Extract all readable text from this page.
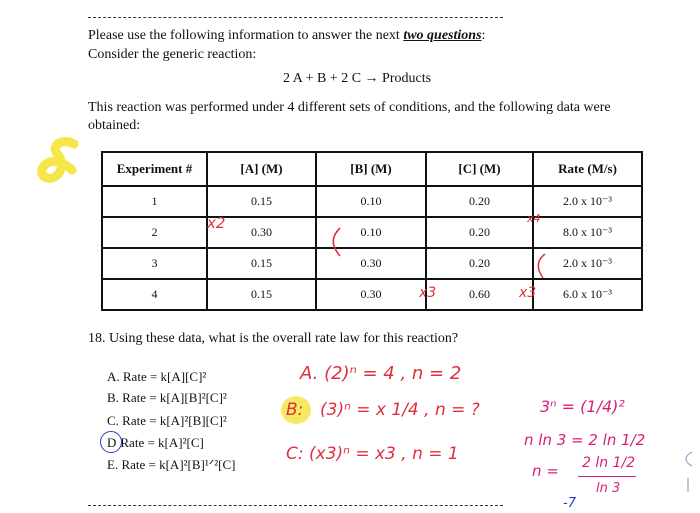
Please use the following information to answer the next two questions:
Consider the generic reaction:
2 A + B + 2 C → Products
This reaction was performed under 4 different sets of conditions, and the following data were
obtained:
Experiment #	[A] (M)	[B] (M)	[C] (M)	Rate (M/s)
1	0.15	0.10	0.20	2.0 x 10⁻³
2	0.30	0.10	0.20	8.0 x 10⁻³
3	0.15	0.30	0.20	2.0 x 10⁻³
4	0.15	0.30	0.60	6.0 x 10⁻³
x2	x4
x3	x3
18. Using these data, what is the overall rate law for this reaction?
A. Rate = k[A][C]²
B. Rate = k[A][B]²[C]²
C. Rate = k[A]²[B][C]²
D Rate = k[A]²[C]
E. Rate = k[A]²[B]¹ᐟ²[C]
A. (2)ⁿ = 4 , n = 2
B: (3)ⁿ = x 1/4 , n = ?
C: (x3)ⁿ = x3 , n = 1
3ⁿ = (1/4)²
n ln 3 = 2 ln 1/2
n = 2 ln 1/2
ln 3
-7
